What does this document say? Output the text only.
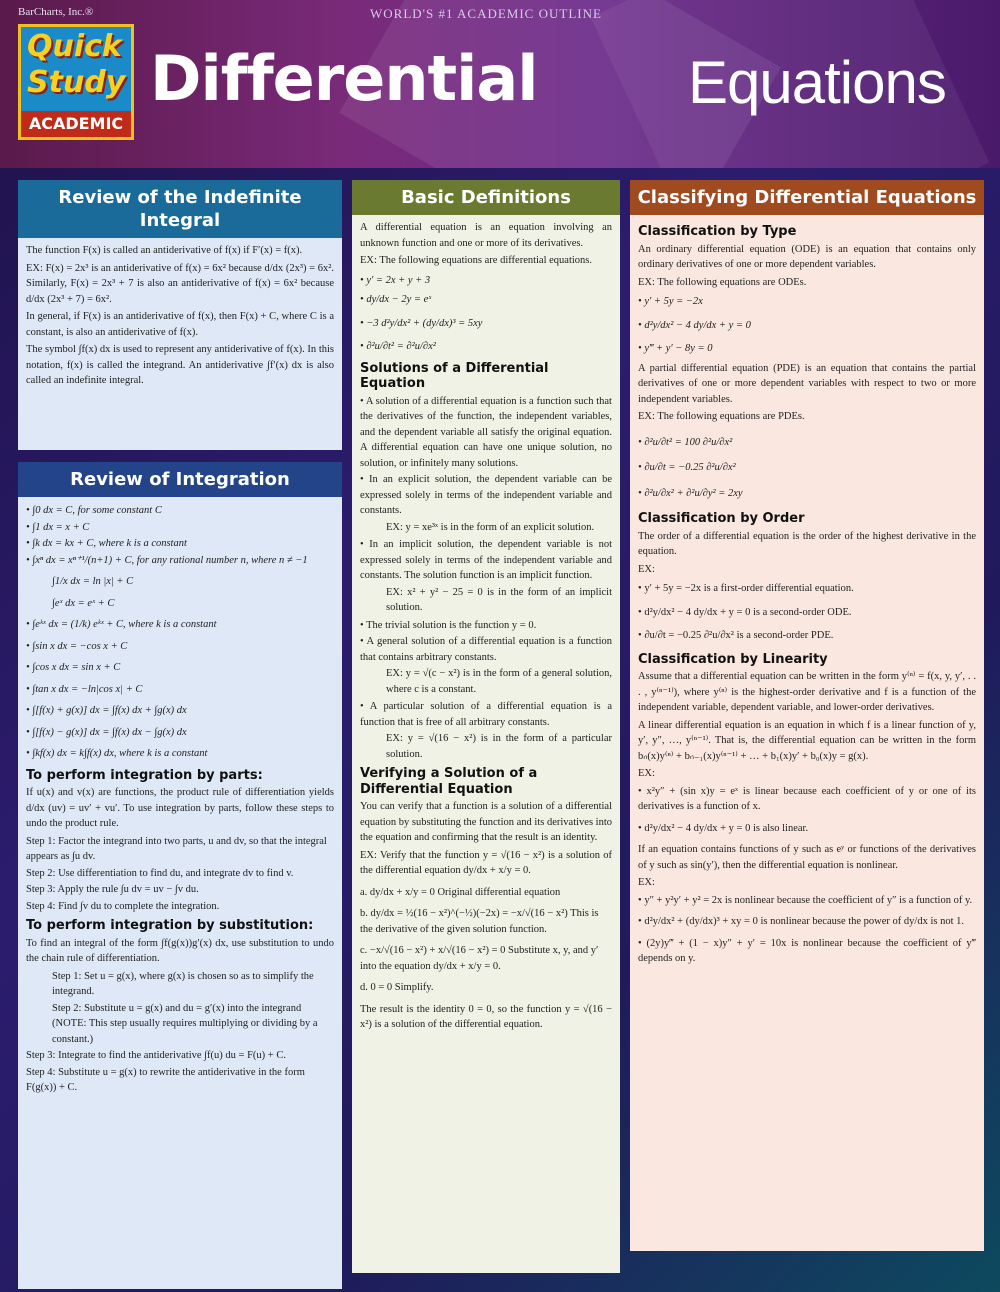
BarCharts, Inc.®	WORLD'S #1 ACADEMIC OUTLINE
Quick
Study
ACADEMIC
Differential	Equations
Review of the Indefinite Integral

The function F(x) is called an antiderivative of f(x) if F′(x) = f(x).

EX: F(x) = 2x³ is an antiderivative of f(x) = 6x² because d/dx (2x³) = 6x². Similarly, F(x) = 2x³ + 7 is also an antiderivative of f(x) = 6x² because d/dx (2x³ + 7) = 6x².

In general, if F(x) is an antiderivative of f(x), then F(x) + C, where C is a constant, is also an antiderivative of f(x).

The symbol ∫f(x) dx is used to represent any antiderivative of f(x). In this notation, f(x) is called the integrand. An antiderivative ∫f′(x) dx is also called an indefinite integral.

Review of Integration
• ∫0 dx = C, for some constant C
• ∫1 dx = x + C
• ∫k dx = kx + C, where k is a constant
• ∫xⁿ dx = xⁿ⁺¹/(n+1) + C, for any rational number n, where n ≠ −1
∫1/x dx = ln |x| + C
∫eˣ dx = eˣ + C
• ∫eᵏˣ dx = (1/k) eᵏˣ + C, where k is a constant
• ∫sin x dx = −cos x + C
• ∫cos x dx = sin x + C
• ∫tan x dx = −ln|cos x| + C
• ∫[f(x) + g(x)] dx = ∫f(x) dx + ∫g(x) dx
• ∫[f(x) − g(x)] dx = ∫f(x) dx − ∫g(x) dx
• ∫kf(x) dx = k∫f(x) dx, where k is a constant
To perform integration by parts:

If u(x) and v(x) are functions, the product rule of differentiation yields d/dx (uv) = uv′ + vu′. To use integration by parts, follow these steps to undo the product rule.

Step 1: Factor the integrand into two parts, u and dv, so that the integral appears as ∫u dv.
Step 2: Use differentiation to find du, and integrate dv to find v.
Step 3: Apply the rule ∫u dv = uv − ∫v du.
Step 4: Find ∫v du to complete the integration.
To perform integration by substitution:

To find an integral of the form ∫f(g(x))g′(x) dx, use substitution to undo the chain rule of differentiation.

Step 1: Set u = g(x), where g(x) is chosen so as to simplify the integrand.
Step 2: Substitute u = g(x) and du = g′(x) into the integrand (NOTE: This step usually requires multiplying or dividing by a constant.)
Step 3: Integrate to find the antiderivative ∫f(u) du = F(u) + C.
Step 4: Substitute u = g(x) to rewrite the antiderivative in the form F(g(x)) + C.
Basic Definitions

A differential equation is an equation involving an unknown function and one or more of its derivatives.

EX: The following equations are differential equations.

• y′ = 2x + y + 3
• dy/dx − 2y = eˣ
• −3 d²y/dx² + (dy/dx)³ = 5xy
• ∂²u/∂t² = ∂²u/∂x²
Solutions of a Differential Equation
• A solution of a differential equation is a function such that the derivatives of the function, the independent variables, and the dependent variable all satisfy the original equation. A differential equation can have one unique solution, no solution, or infinitely many solutions.
• In an explicit solution, the dependent variable can be expressed solely in terms of the independent variable and constants.
EX: y = xe³ˣ is in the form of an explicit solution.
• In an implicit solution, the dependent variable is not expressed solely in terms of the independent variable and constants. The solution function is an implicit function.
EX: x² + y² − 25 = 0 is in the form of an implicit solution.
• The trivial solution is the function y = 0.
• A general solution of a differential equation is a function that contains arbitrary constants.
EX: y = √(c − x²) is in the form of a general solution, where c is a constant.
• A particular solution of a differential equation is a function that is free of all arbitrary constants.
EX: y = √(16 − x²) is in the form of a particular solution.
Verifying a Solution of a Differential Equation

You can verify that a function is a solution of a differential equation by substituting the function and its derivatives into the equation and confirming that the result is an identity.

EX: Verify that the function y = √(16 − x²) is a solution of the differential equation dy/dx + x/y = 0.

a. dy/dx + x/y = 0 Original differential equation
b. dy/dx = ½(16 − x²)^(−½)(−2x) = −x/√(16 − x²) This is the derivative of the given solution function.
c. −x/√(16 − x²) + x/√(16 − x²) = 0 Substitute x, y, and y′ into the equation dy/dx + x/y = 0.
d. 0 = 0 Simplify.

The result is the identity 0 = 0, so the function y = √(16 − x²) is a solution of the differential equation.

Classifying Differential Equations
Classification by Type

An ordinary differential equation (ODE) is an equation that contains only ordinary derivatives of one or more dependent variables.

EX: The following equations are ODEs.

• y′ + 5y = −2x
• d²y/dx² − 4 dy/dx + y = 0
• y‴ + y′ − 8y = 0

A partial differential equation (PDE) is an equation that contains the partial derivatives of one or more dependent variables with respect to two or more independent variables.

EX: The following equations are PDEs.

• ∂²u/∂t² = 100 ∂²u/∂x²
• ∂u/∂t = −0.25 ∂²u/∂x²
• ∂²u/∂x² + ∂²u/∂y² = 2xy
Classification by Order

The order of a differential equation is the order of the highest derivative in the equation.

EX:
• y′ + 5y = −2x is a first-order differential equation.
• d²y/dx² − 4 dy/dx + y = 0 is a second-order ODE.
• ∂u/∂t = −0.25 ∂²u/∂x² is a second-order PDE.
Classification by Linearity

Assume that a differential equation can be written in the form y⁽ⁿ⁾ = f(x, y, y′, . . . , y⁽ⁿ⁻¹⁾), where y⁽ⁿ⁾ is the highest-order derivative and f is a function of the independent variable, dependent variable, and lower-order derivatives.

A linear differential equation is an equation in which f is a linear function of y, y′, y″, …, y⁽ⁿ⁻¹⁾. That is, the differential equation can be written in the form bₙ(x)y⁽ⁿ⁾ + bₙ₋₁(x)y⁽ⁿ⁻¹⁾ + … + b₁(x)y′ + b₀(x)y = g(x).

EX:
• x²y″ + (sin x)y = eˣ is linear because each coefficient of y or one of its derivatives is a function of x.
• d²y/dx² − 4 dy/dx + y = 0 is also linear.

If an equation contains functions of y such as eʸ or functions of the derivatives of y such as sin(y′), then the differential equation is nonlinear.

EX:
• y″ + y²y′ + y² = 2x is nonlinear because the coefficient of y″ is a function of y.
• d²y/dx² + (dy/dx)³ + xy = 0 is nonlinear because the power of dy/dx is not 1.
• (2y)y‴ + (1 − x)y″ + y′ = 10x is nonlinear because the coefficient of y‴ depends on y.
